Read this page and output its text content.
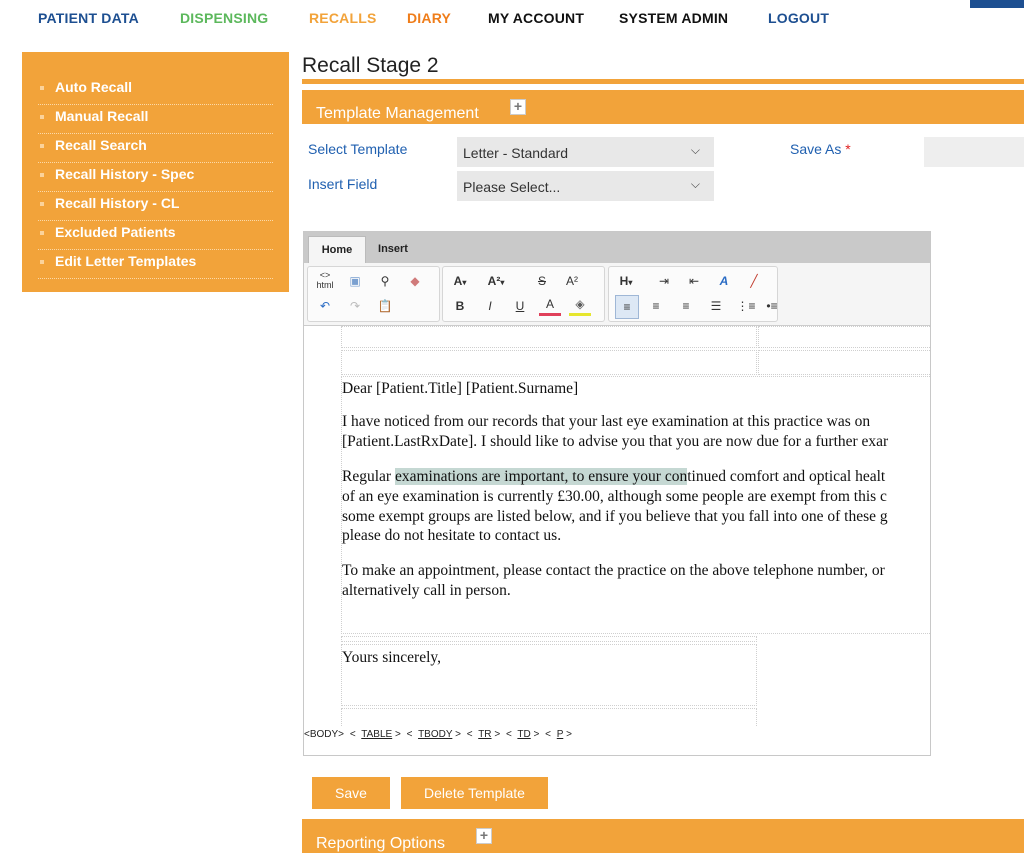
PATIENT DATA	DISPENSING	RECALLS DIARY	MY ACCOUNT SYSTEM ADMIN	LOGOUT
Auto Recall
Manual Recall
Recall Search
Recall History - Spec
Recall History - CL
Excluded Patients
Edit Letter Templates
Recall Stage 2
Template Management	+
Select Template	Letter - Standard	⌵
Insert Field	Please Select...	⌵
Save As *
Home	Insert
<>
html	▣	⚲	◆
↶	↷	📋
A▾	A²▾	S	A²
B	I	U	A	◈
H▾	⇥	⇤	A	╱
≡	≡	≡	☰	⋮≡ •≡
Dear [Patient.Title] [Patient.Surname]
I have noticed from our records that your last eye examination at this practice was on
[Patient.LastRxDate]. I should like to advise you that you are now due for a further exar
Regular examinations are important, to ensure your continued comfort and optical healt
of an eye examination is currently £30.00, although some people are exempt from this c
some exempt groups are listed below, and if you believe that you fall into one of these g
please do not hesitate to contact us.
To make an appointment, please contact the practice on the above telephone number, or
alternatively call in person.
Yours sincerely,
<BODY> < TABLE > < TBODY > < TR > < TD > < P >
Save	Delete Template
Reporting Options +
